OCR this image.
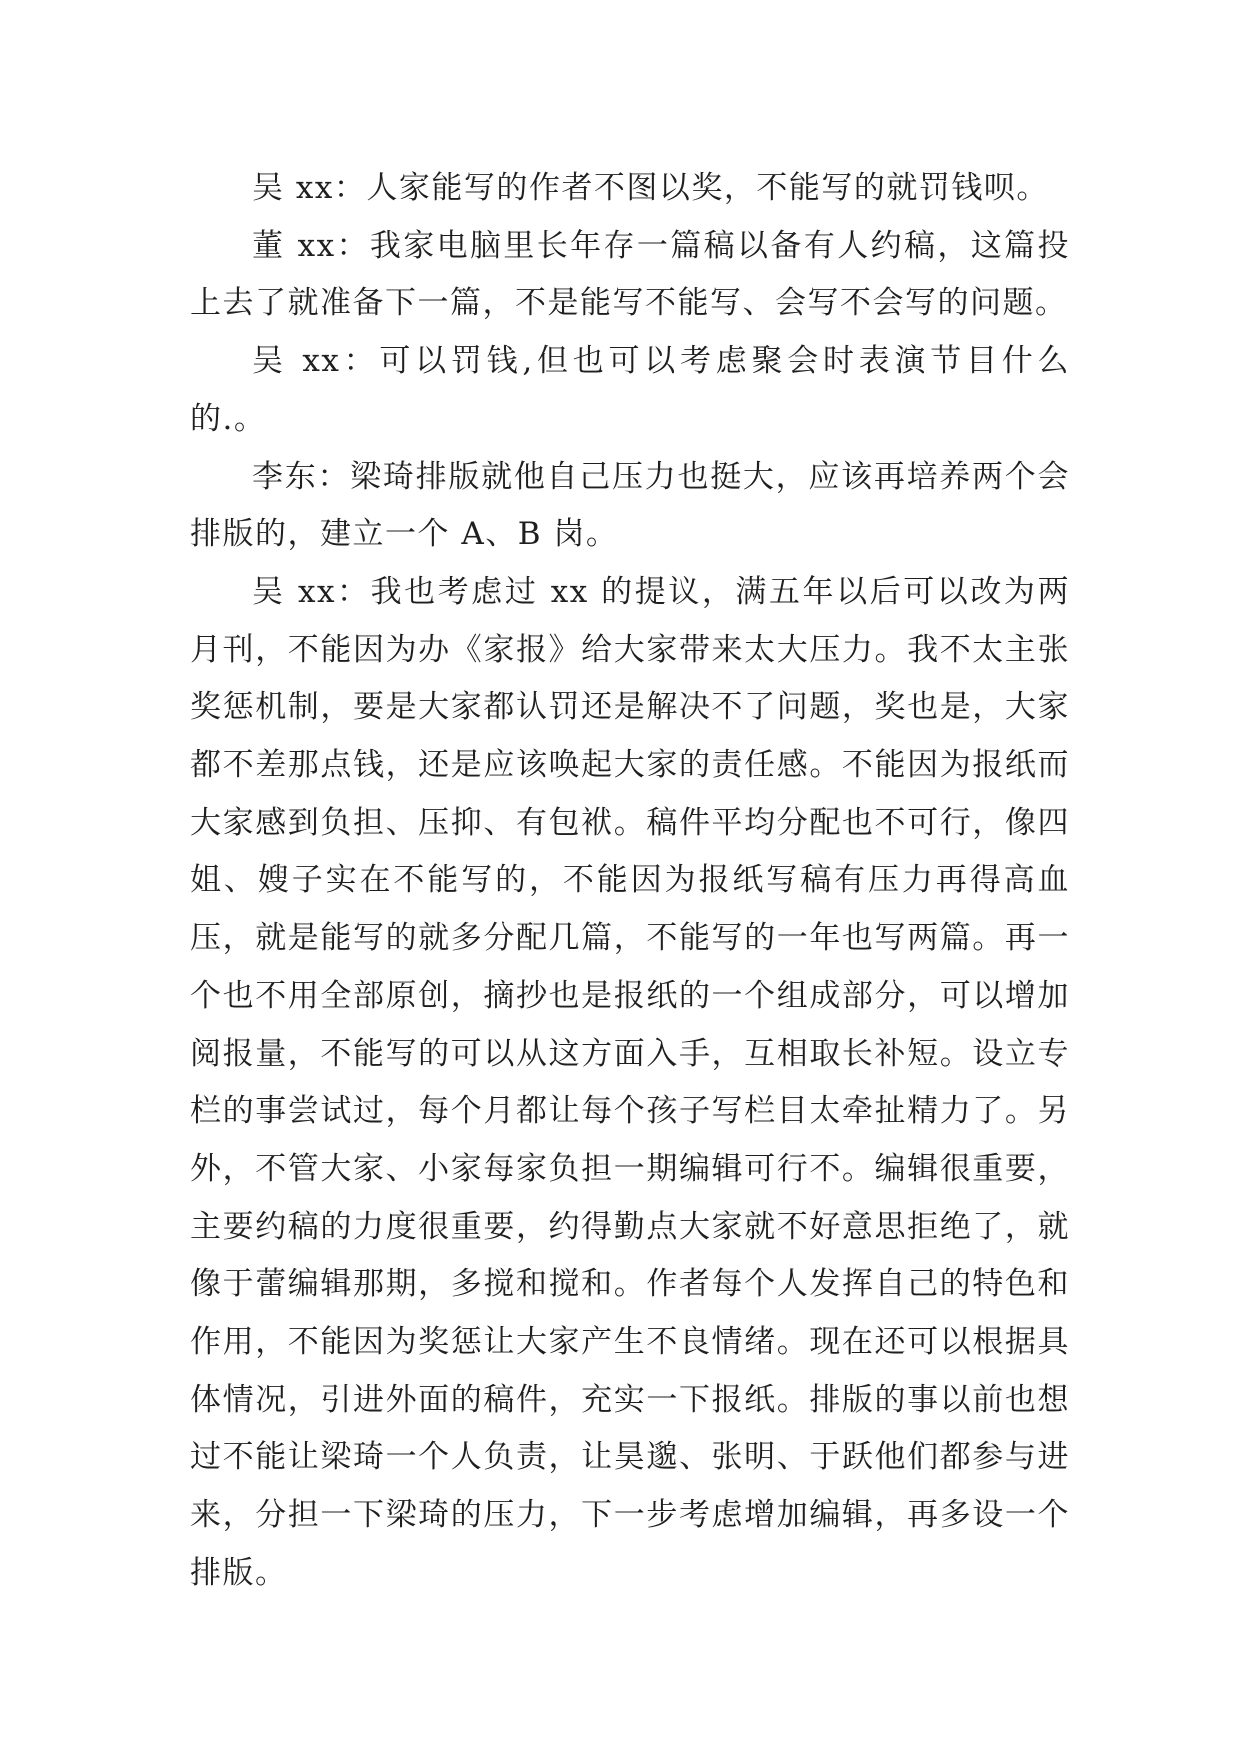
吴 xx：人家能写的作者不图以奖，不能写的就罚钱呗。

董 xx：我家电脑里长年存一篇稿以备有人约稿，这篇投上去了就准备下一篇，不是能写不能写、会写不会写的问题。

吴 xx：可以罚钱,但也可以考虑聚会时表演节目什么的.。

李东：梁琦排版就他自己压力也挺大，应该再培养两个会排版的，建立一个 A、B 岗。

吴 xx：我也考虑过 xx 的提议，满五年以后可以改为两月刊，不能因为办《家报》给大家带来太大压力。我不太主张奖惩机制，要是大家都认罚还是解决不了问题，奖也是，大家都不差那点钱，还是应该唤起大家的责任感。不能因为报纸而大家感到负担、压抑、有包袱。稿件平均分配也不可行，像四姐、嫂子实在不能写的，不能因为报纸写稿有压力再得高血压，就是能写的就多分配几篇，不能写的一年也写两篇。再一个也不用全部原创，摘抄也是报纸的一个组成部分，可以增加阅报量，不能写的可以从这方面入手，互相取长补短。设立专栏的事尝试过，每个月都让每个孩子写栏目太牵扯精力了。另外，不管大家、小家每家负担一期编辑可行不。编辑很重要，主要约稿的力度很重要，约得勤点大家就不好意思拒绝了，就像于蕾编辑那期，多搅和搅和。作者每个人发挥自己的特色和作用，不能因为奖惩让大家产生不良情绪。现在还可以根据具体情况，引进外面的稿件，充实一下报纸。排版的事以前也想过不能让梁琦一个人负责，让昊邈、张明、于跃他们都参与进来，分担一下梁琦的压力，下一步考虑增加编辑，再多设一个排版。
